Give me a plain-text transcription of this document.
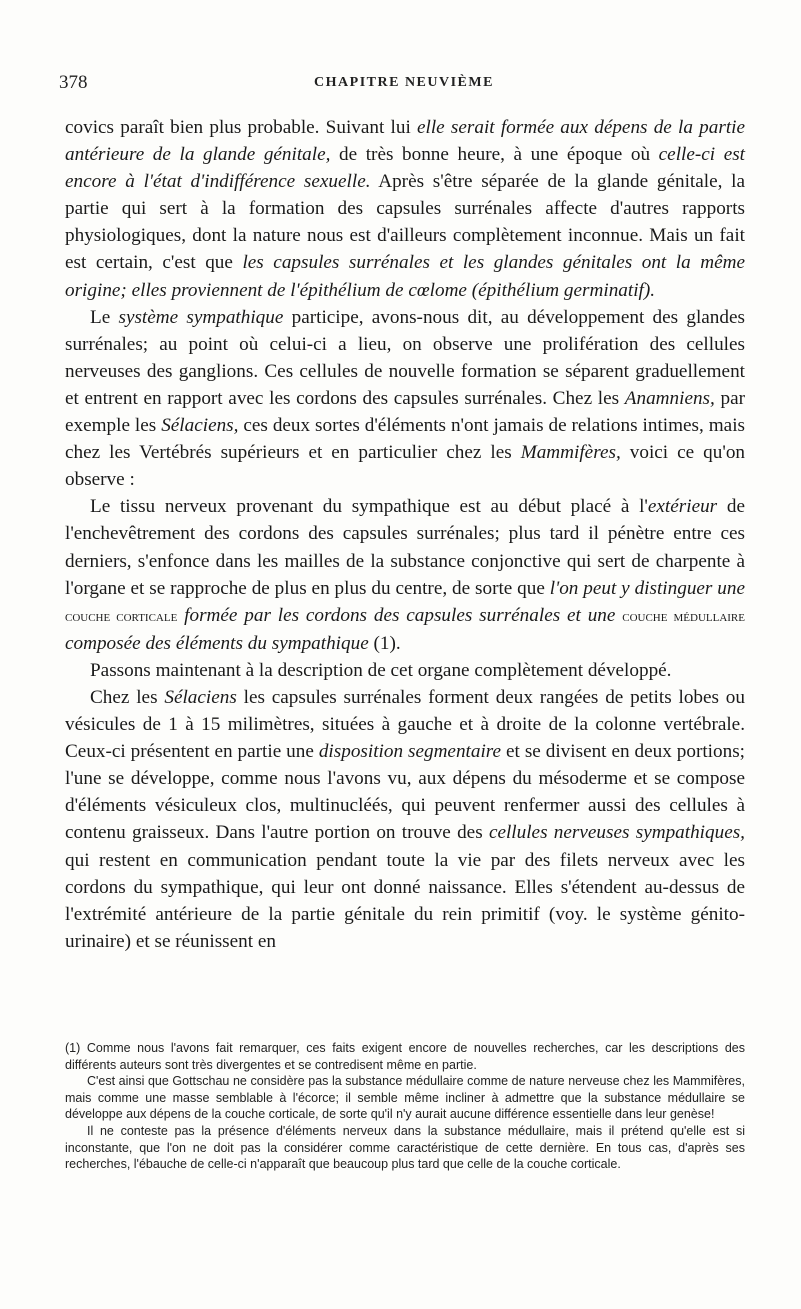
378	CHAPITRE NEUVIÈME

covics paraît bien plus probable. Suivant lui elle serait formée aux dépens de la partie antérieure de la glande génitale, de très bonne heure, à une époque où celle-ci est encore à l'état d'indifférence sexuelle. Après s'être séparée de la glande génitale, la partie qui sert à la formation des capsules surrénales affecte d'autres rapports physiologiques, dont la nature nous est d'ailleurs complètement inconnue. Mais un fait est certain, c'est que les capsules surrénales et les glandes génitales ont la même origine; elles proviennent de l'épithélium de cœlome (épithélium germinatif).

Le système sympathique participe, avons-nous dit, au développement des glandes surrénales; au point où celui-ci a lieu, on observe une prolifération des cellules nerveuses des ganglions. Ces cellules de nouvelle formation se séparent graduellement et entrent en rapport avec les cordons des capsules surrénales. Chez les Anamniens, par exemple les Sélaciens, ces deux sortes d'éléments n'ont jamais de relations intimes, mais chez les Vertébrés supérieurs et en particulier chez les Mammifères, voici ce qu'on observe :

Le tissu nerveux provenant du sympathique est au début placé à l'extérieur de l'enchevêtrement des cordons des capsules surrénales; plus tard il pénètre entre ces derniers, s'enfonce dans les mailles de la substance conjonctive qui sert de charpente à l'organe et se rapproche de plus en plus du centre, de sorte que l'on peut y distinguer une couche corticale formée par les cordons des capsules surrénales et une couche médullaire composée des éléments du sympathique (1).

Passons maintenant à la description de cet organe complètement développé.

Chez les Sélaciens les capsules surrénales forment deux rangées de petits lobes ou vésicules de 1 à 15 milimètres, situées à gauche et à droite de la colonne vertébrale. Ceux-ci présentent en partie une disposition segmentaire et se divisent en deux portions; l'une se développe, comme nous l'avons vu, aux dépens du mésoderme et se compose d'éléments vésiculeux clos, multinucléés, qui peuvent renfermer aussi des cellules à contenu graisseux. Dans l'autre portion on trouve des cellules nerveuses sympathiques, qui restent en communication pendant toute la vie par des filets nerveux avec les cordons du sympathique, qui leur ont donné naissance. Elles s'étendent au-dessus de l'extrémité antérieure de la partie génitale du rein primitif (voy. le système génito-urinaire) et se réunissent en

(1) Comme nous l'avons fait remarquer, ces faits exigent encore de nouvelles recherches, car les descriptions des différents auteurs sont très divergentes et se contredisent même en partie.

C'est ainsi que Gottschau ne considère pas la substance médullaire comme de nature nerveuse chez les Mammifères, mais comme une masse semblable à l'écorce; il semble même incliner à admettre que la substance médullaire se développe aux dépens de la couche corticale, de sorte qu'il n'y aurait aucune différence essentielle dans leur genèse!

Il ne conteste pas la présence d'éléments nerveux dans la substance médullaire, mais il prétend qu'elle est si inconstante, que l'on ne doit pas la considérer comme caractéristique de cette dernière. En tous cas, d'après ses recherches, l'ébauche de celle-ci n'apparaît que beaucoup plus tard que celle de la couche corticale.
